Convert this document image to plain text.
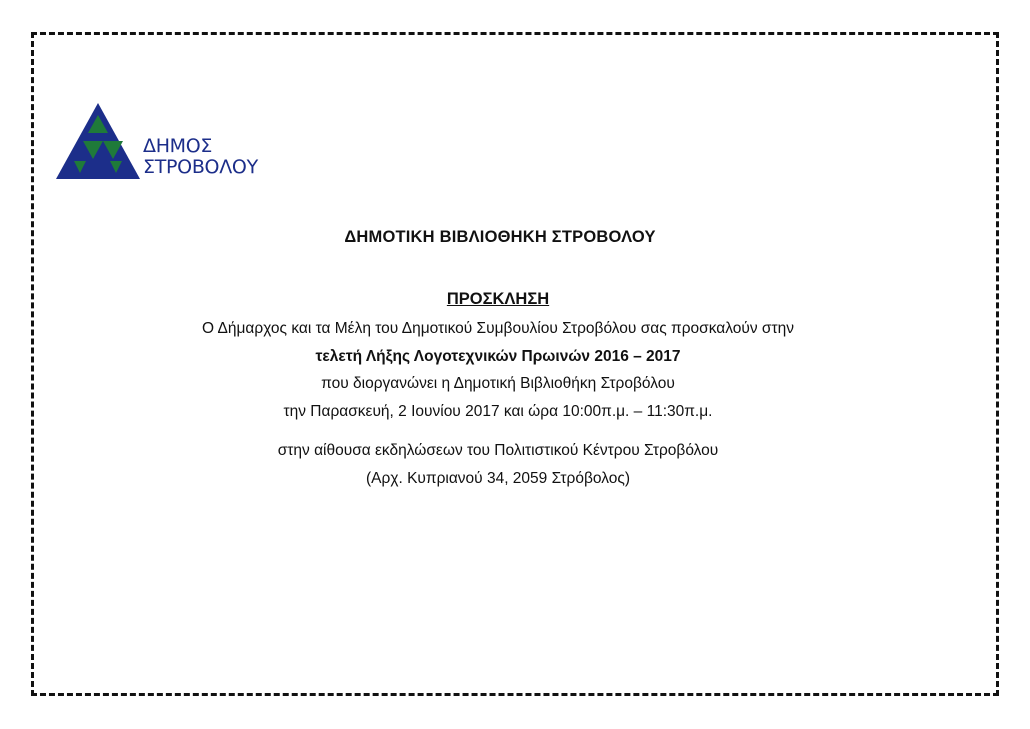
ΔΗΜΟΣ
ΣΤΡΟΒΟΛΟΥ
ΔΗΜΟΤΙΚΗ ΒΙΒΛΙΟΘΗΚΗ ΣΤΡΟΒΟΛΟΥ
ΠΡΟΣΚΛΗΣΗ
Ο Δήμαρχος και τα Μέλη του Δημοτικού Συμβουλίου Στροβόλου σας προσκαλούν στην
τελετή Λήξης Λογοτεχνικών Πρωινών 2016 – 2017
που διοργανώνει η Δημοτική Βιβλιοθήκη Στροβόλου
την Παρασκευή, 2 Ιουνίου 2017 και ώρα 10:00π.μ. – 11:30π.μ.
στην αίθουσα εκδηλώσεων του Πολιτιστικού Κέντρου Στροβόλου
(Αρχ. Κυπριανού 34, 2059 Στρόβολος)
